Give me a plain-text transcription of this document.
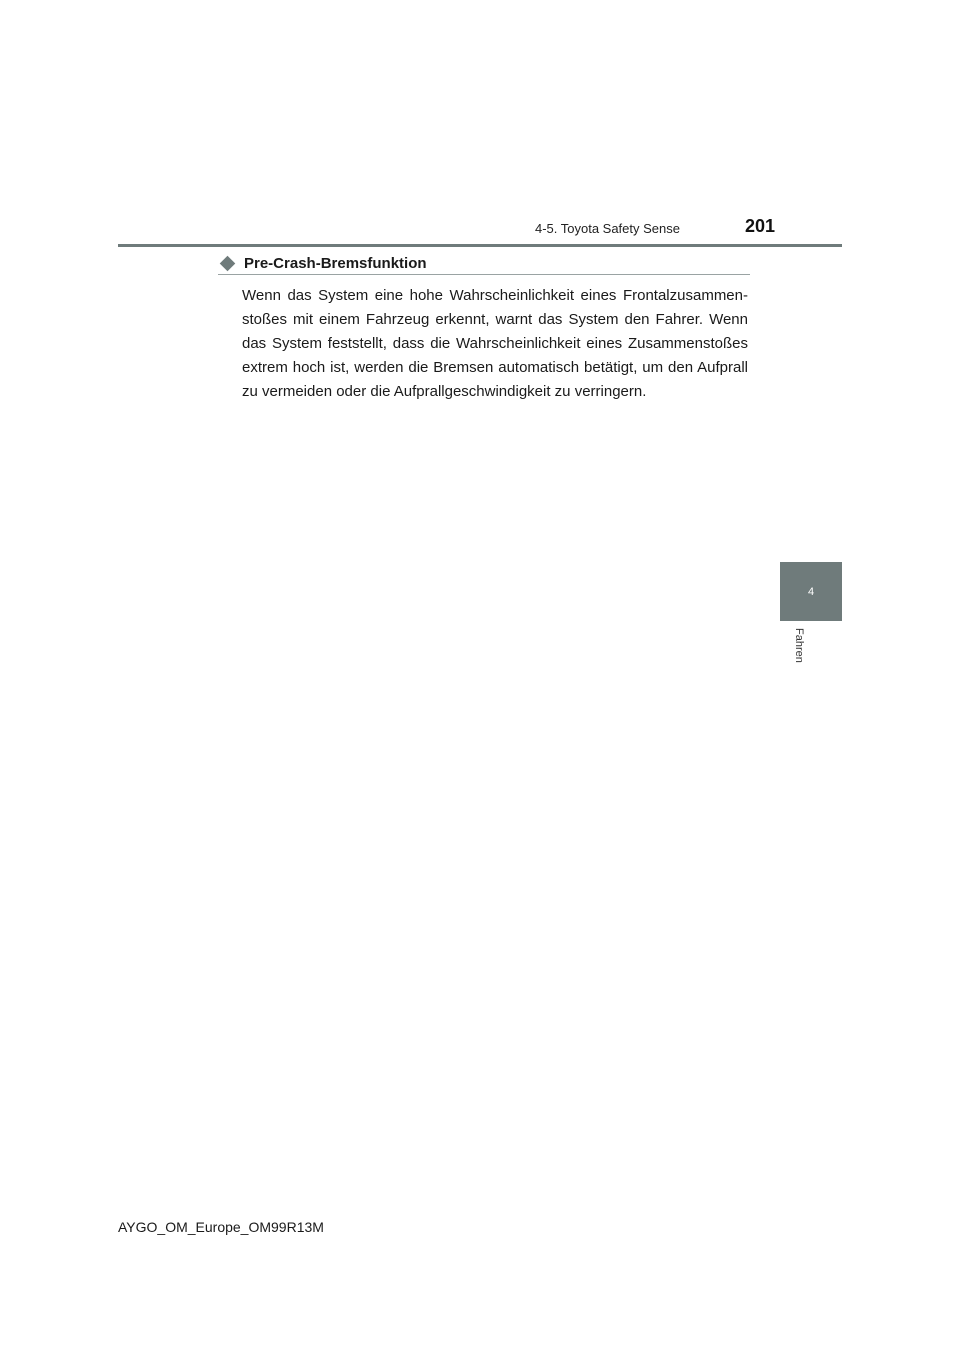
4-5. Toyota Safety Sense	201
Pre-Crash-Bremsfunktion

Wenn das System eine hohe Wahrscheinlichkeit eines Frontalzusammenstoßes mit einem Fahrzeug erkennt, warnt das System den Fahrer. Wenn das System feststellt, dass die Wahrscheinlichkeit eines Zusammenstoßes extrem hoch ist, werden die Bremsen automatisch betätigt, um den Aufprall zu vermeiden oder die Aufprallgeschwindigkeit zu verringern.

4
Fahren
AYGO_OM_Europe_OM99R13M
